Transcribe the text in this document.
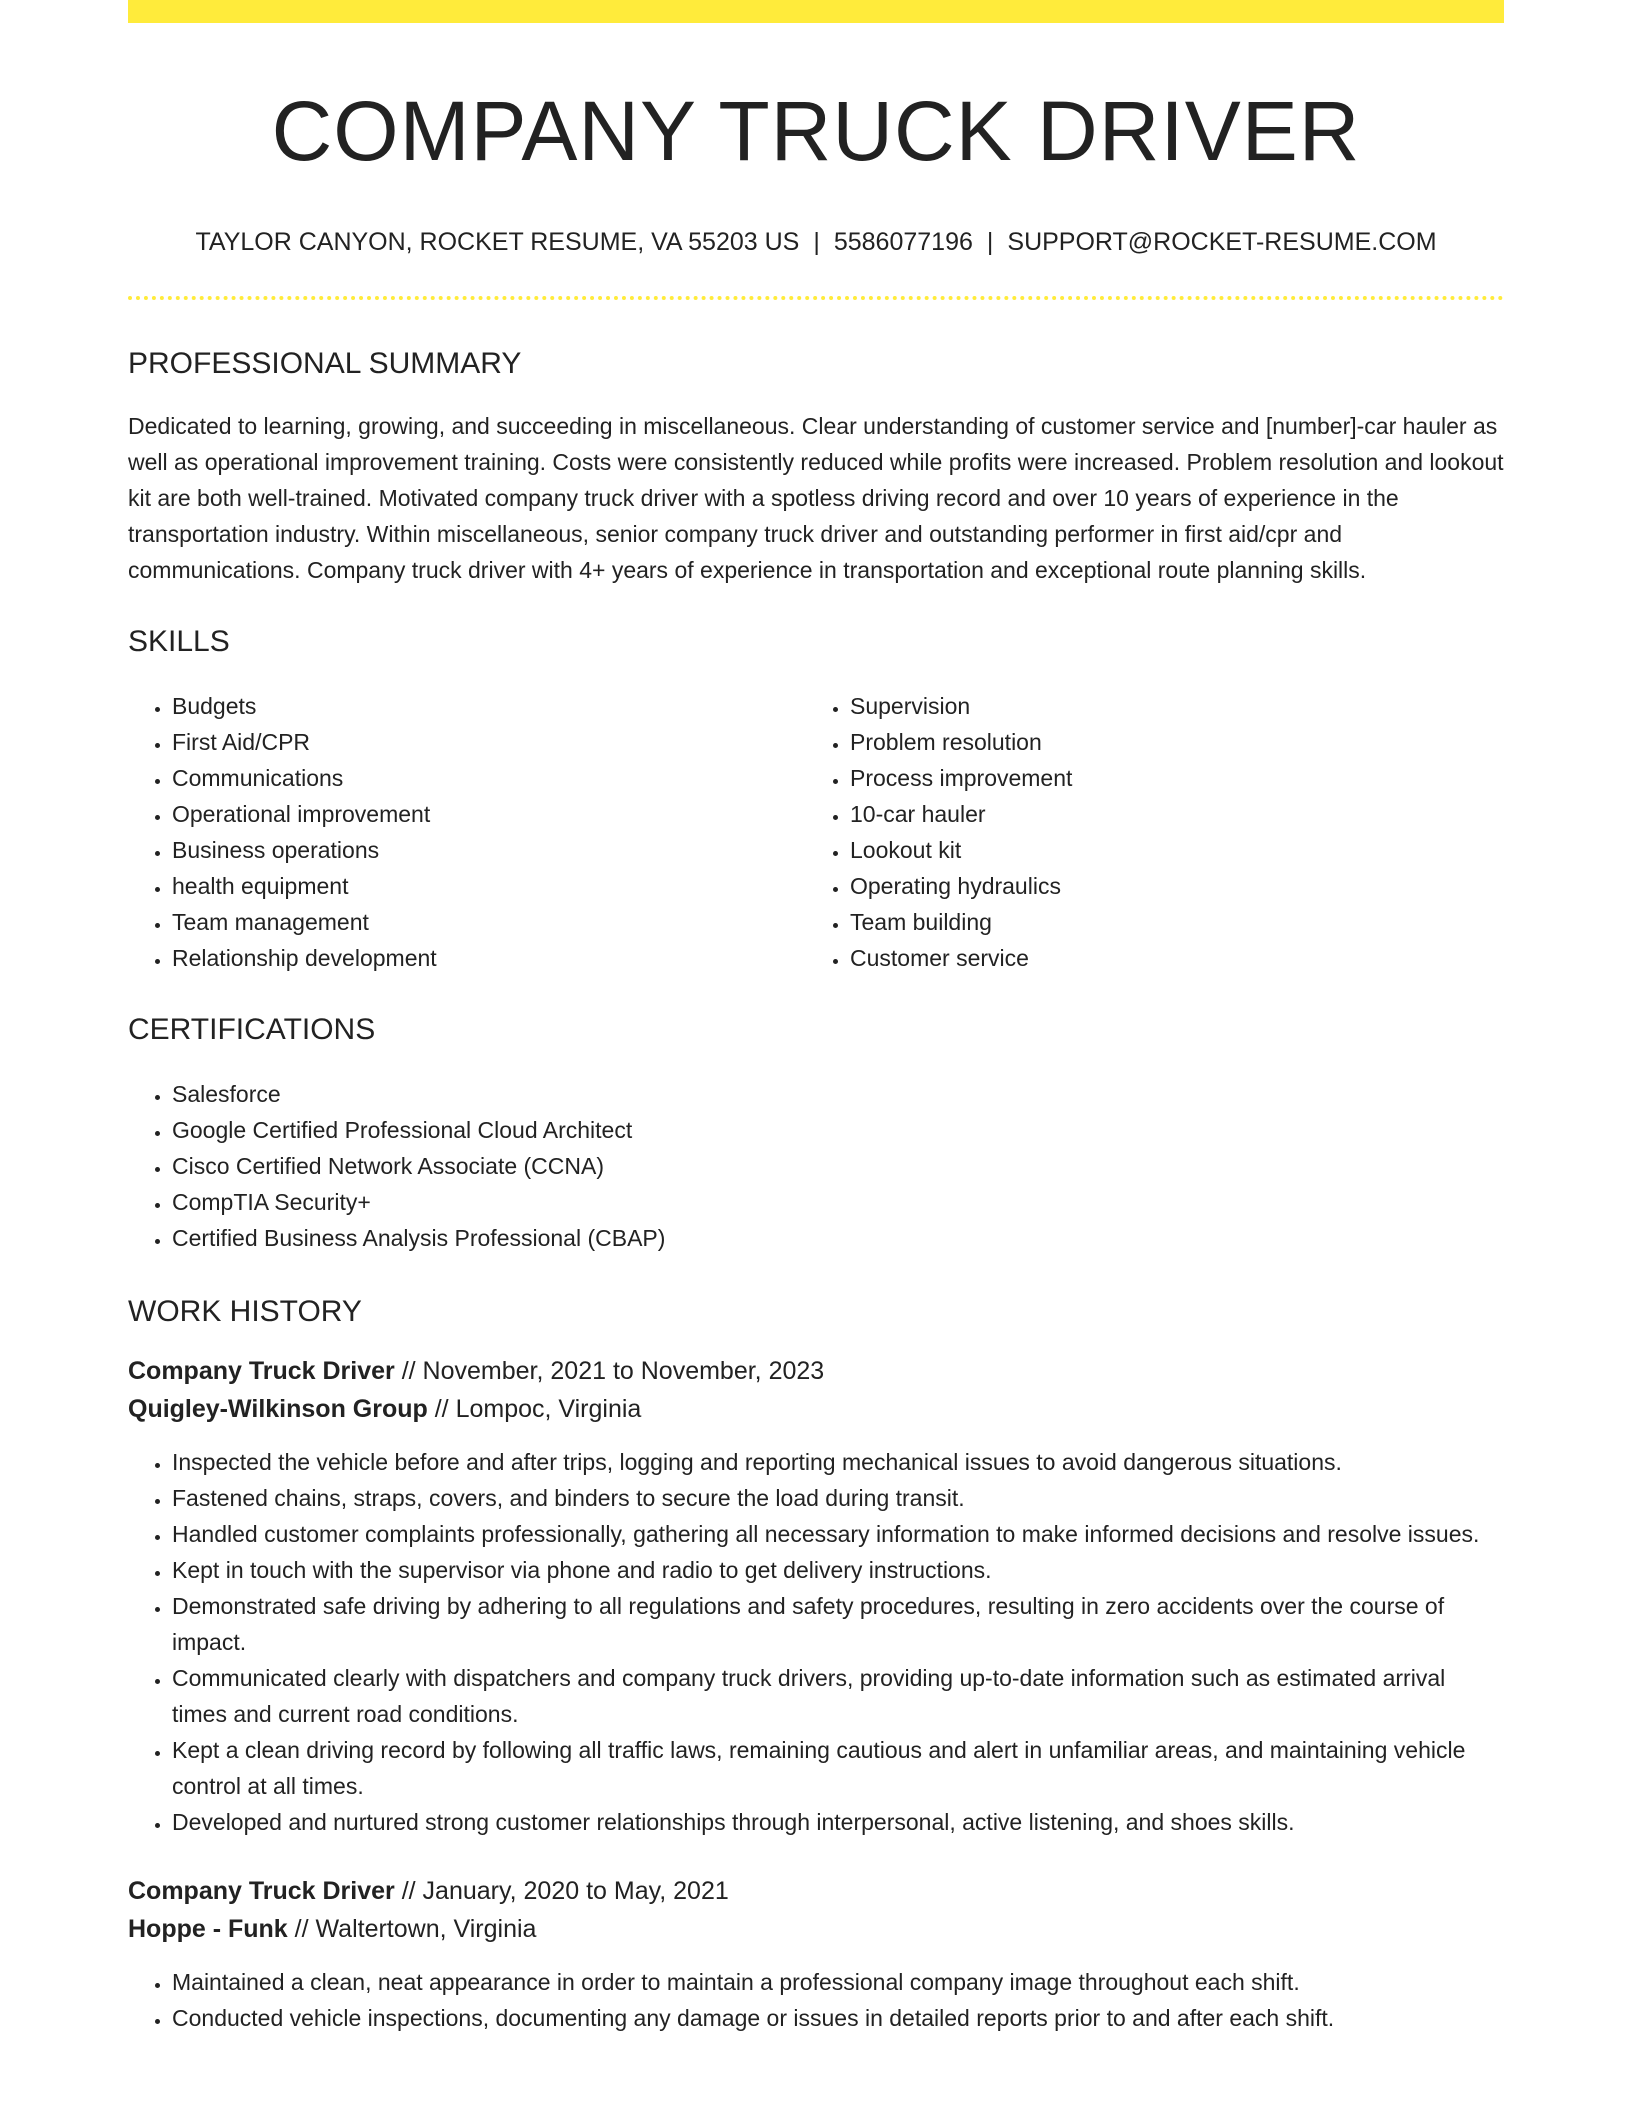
COMPANY TRUCK DRIVER
TAYLOR CANYON, ROCKET RESUME, VA 55203 US | 5586077196 | SUPPORT@ROCKET-RESUME.COM
PROFESSIONAL SUMMARY

Dedicated to learning, growing, and succeeding in miscellaneous. Clear understanding of customer service and [number]-car hauler as well as operational improvement training. Costs were consistently reduced while profits were increased. Problem resolution and lookout kit are both well-trained. Motivated company truck driver with a spotless driving record and over 10 years of experience in the transportation industry. Within miscellaneous, senior company truck driver and outstanding performer in first aid/cpr and communications. Company truck driver with 4+ years of experience in transportation and exceptional route planning skills.

SKILLS
• Budgets
• First Aid/CPR
• Communications
• Operational improvement
• Business operations
• health equipment
• Team management
• Relationship development
• Supervision
• Problem resolution
• Process improvement
• 10-car hauler
• Lookout kit
• Operating hydraulics
• Team building
• Customer service
CERTIFICATIONS
• Salesforce
• Google Certified Professional Cloud Architect
• Cisco Certified Network Associate (CCNA)
• CompTIA Security+
• Certified Business Analysis Professional (CBAP)
WORK HISTORY

Company Truck Driver // November, 2021 to November, 2023

Quigley-Wilkinson Group // Lompoc, Virginia

• Inspected the vehicle before and after trips, logging and reporting mechanical issues to avoid dangerous situations.
• Fastened chains, straps, covers, and binders to secure the load during transit.
• Handled customer complaints professionally, gathering all necessary information to make informed decisions and resolve issues.
• Kept in touch with the supervisor via phone and radio to get delivery instructions.
• Demonstrated safe driving by adhering to all regulations and safety procedures, resulting in zero accidents over the course of impact.
• Communicated clearly with dispatchers and company truck drivers, providing up-to-date information such as estimated arrival times and current road conditions.
• Kept a clean driving record by following all traffic laws, remaining cautious and alert in unfamiliar areas, and maintaining vehicle control at all times.
• Developed and nurtured strong customer relationships through interpersonal, active listening, and shoes skills.

Company Truck Driver // January, 2020 to May, 2021

Hoppe - Funk // Waltertown, Virginia

• Maintained a clean, neat appearance in order to maintain a professional company image throughout each shift.
• Conducted vehicle inspections, documenting any damage or issues in detailed reports prior to and after each shift.
